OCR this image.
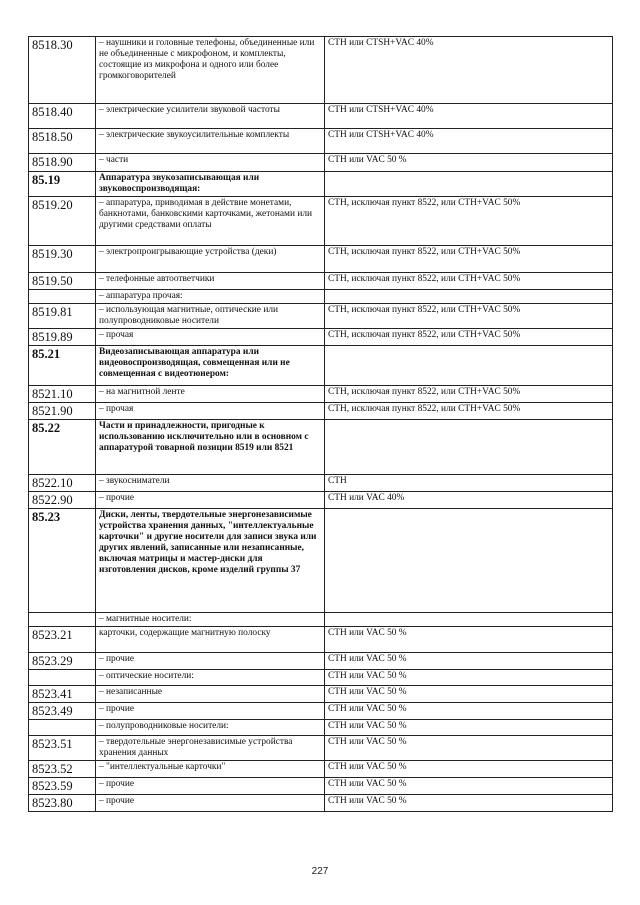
8518.30	– наушники и головные телефоны, объединенные или не объединенные с микрофоном, и комплекты, состоящие из микрофона и одного или более громкоговорителей	СТН или CTSH+VAC 40%
8518.40	– электрические усилители звуковой частоты	СТН или CTSH+VAC 40%
8518.50	– электрические звукоусилительные комплекты	СТН или CTSH+VAC 40%
8518.90	– части	СТН или VAC 50 %
85.19	Аппаратура звукозаписывающая или звуковоспроизводящая:	
8519.20	– аппаратура, приводимая в действие монетами, банкнотами, банковскими карточками, жетонами или другими средствами оплаты	СТН, исключая пункт 8522, или СТН+VAC 50%
8519.30	– электропроигрывающие устройства (деки)	СТН, исключая пункт 8522, или СТН+VAC 50%
8519.50	– телефонные автоответчики	СТН, исключая пункт 8522, или СТН+VAC 50%
	– аппаратура прочая:	
8519.81	– использующая магнитные, оптические или полупроводниковые носители	СТН, исключая пункт 8522, или СТН+VAC 50%
8519.89	– прочая	СТН, исключая пункт 8522, или СТН+VAC 50%
85.21	Видеозаписывающая аппаратура или видеовоспроизводящая, совмещенная или не совмещенная с видеотюнером:	
8521.10	– на магнитной ленте	СТН, исключая пункт 8522, или СТН+VAC 50%
8521.90	– прочая	СТН, исключая пункт 8522, или СТН+VAC 50%
85.22	Части и принадлежности, пригодные к использованию исключительно или в основном с аппаратурой товарной позиции 8519 или 8521	
8522.10	– звукосниматели	СТН
8522.90	– прочие	СТН или VAC 40%
85.23	Диски, ленты, твердотельные энергонезависимые устройства хранения данных, "интеллектуальные карточки" и другие носители для записи звука или других явлений, записанные или незаписанные, включая матрицы и мастер-диски для изготовления дисков, кроме изделий группы 37	
	– магнитные носители:	
8523.21	карточки, содержащие магнитную полоску	СТН или VAC 50 %
8523.29	– прочие	СТН или VAC 50 %
	– оптические носители:	СТН или VAC 50 %
8523.41	– незаписанные	СТН или VAC 50 %
8523.49	– прочие	СТН или VAC 50 %
	– полупроводниковые носители:	СТН или VAC 50 %
8523.51	– твердотельные энергонезависимые устройства хранения данных	СТН или VAC 50 %
8523.52	– "интеллектуальные карточки"	СТН или VAC 50 %
8523.59	– прочие	СТН или VAC 50 %
8523.80	– прочие	СТН или VAC 50 %
227
